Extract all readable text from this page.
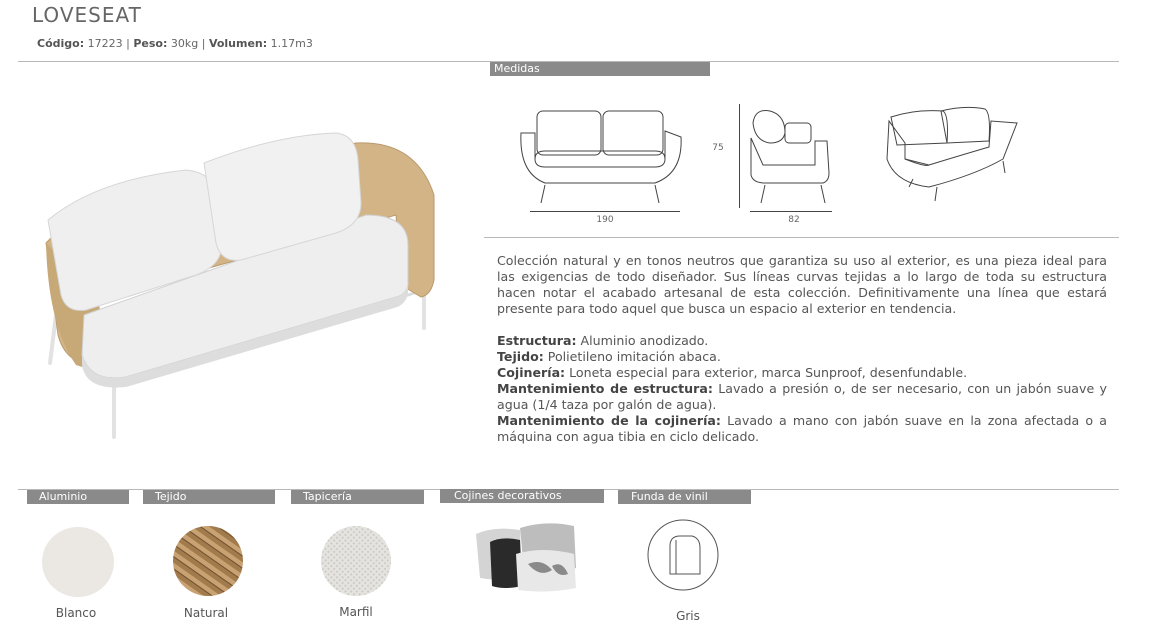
LOVESEAT
Código: 17223 | Peso: 30kg | Volumen: 1.17m3
Medidas
190
75
82

Colección natural y en tonos neutros que garantiza su uso al exterior, es una pieza ideal para las exigencias de todo diseñador. Sus líneas curvas tejidas a lo largo de toda su estructura hacen notar el acabado artesanal de esta colección. Definitivamente una línea que estará presente para todo aquel que busca un espacio al exterior en tendencia.

Estructura: Aluminio anodizado.

Tejido: Polietileno imitación abaca.

Cojinería: Loneta especial para exterior, marca Sunproof, desenfundable.

Mantenimiento de estructura: Lavado a presión o, de ser necesario, con un jabón suave y agua (1/4 taza por galón de agua).

Mantenimiento de la cojinería: Lavado a mano con jabón suave en la zona afectada o a máquina con agua tibia en ciclo delicado.

Aluminio
Blanco
Tejido
Natural
Tapicería
Marfil
Cojines decorativos	Funda de vinil
Gris
